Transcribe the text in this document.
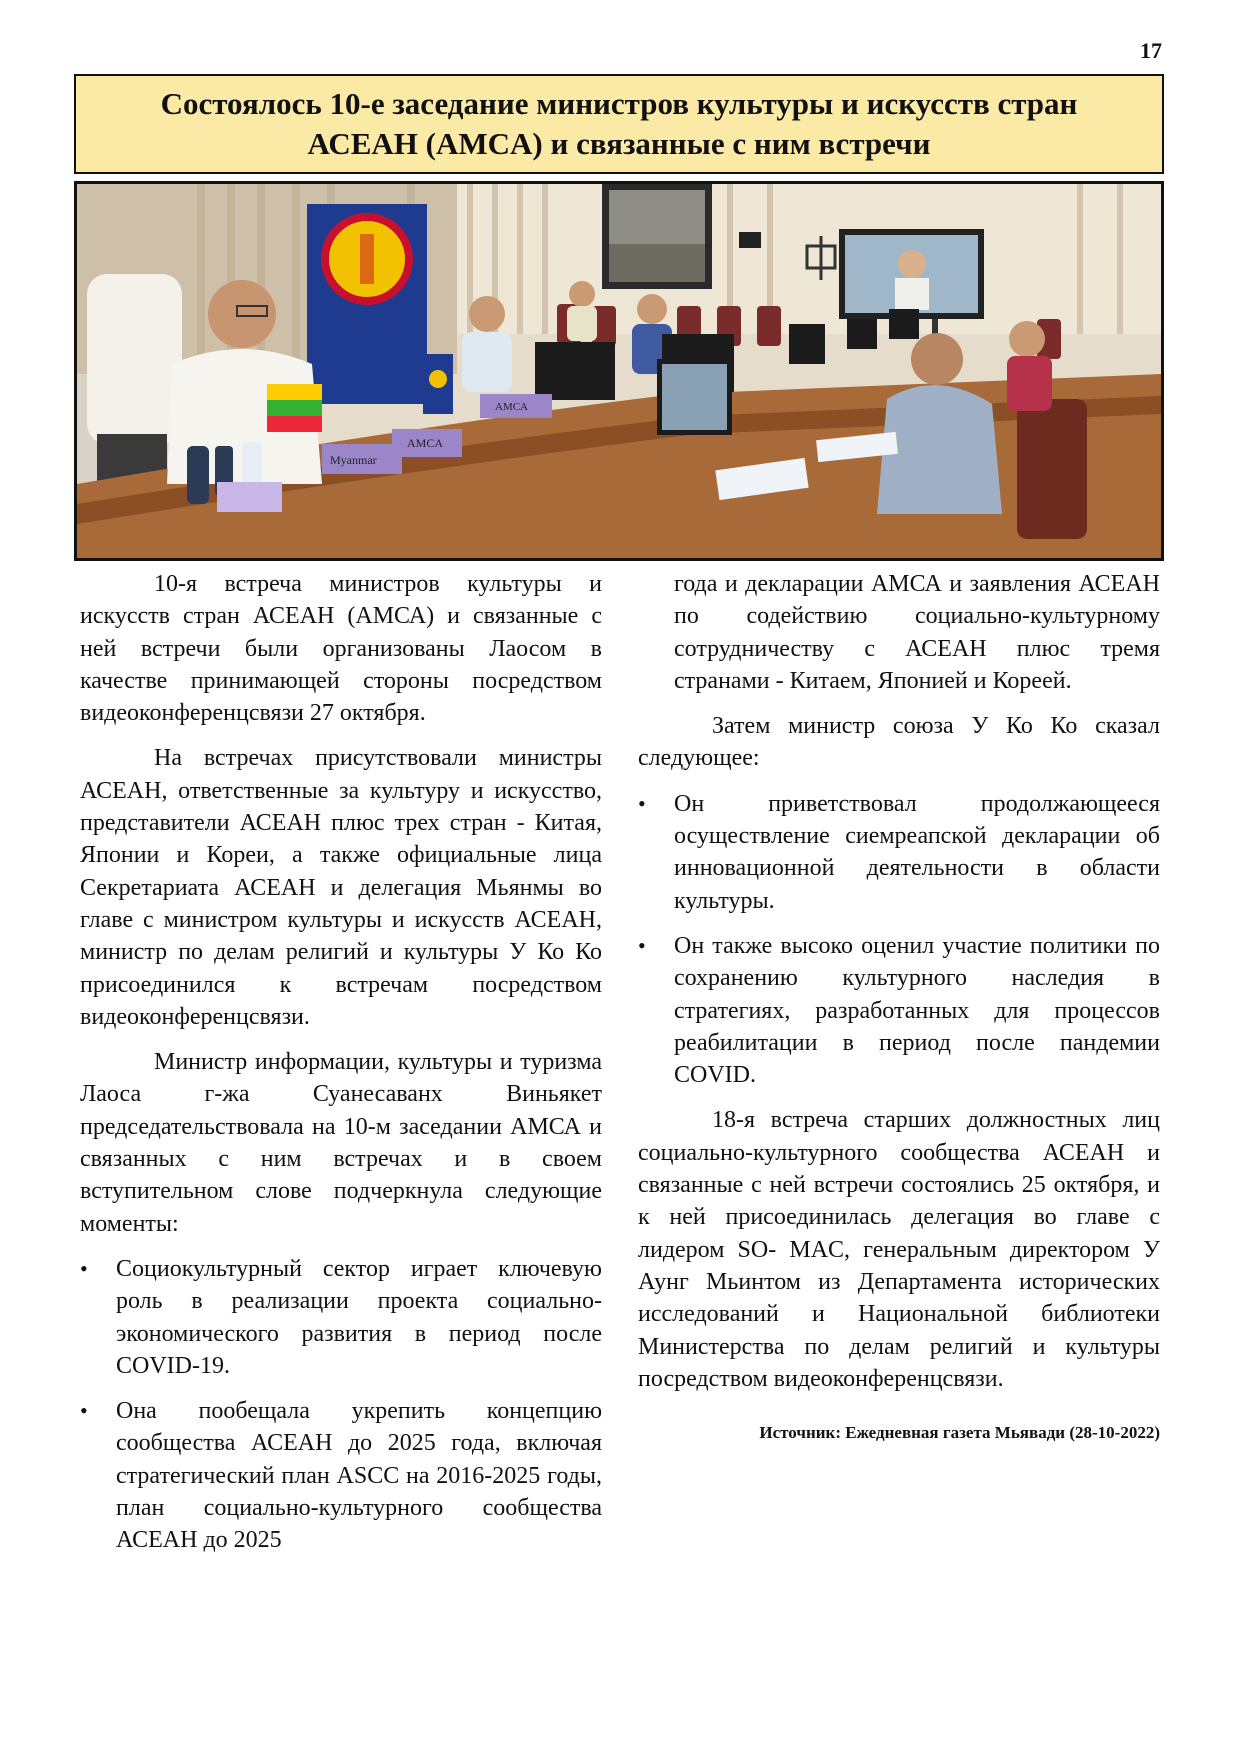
17
Состоялось 10-е заседание министров культуры и искусств стран АСЕАН (AMCA) и связанные с ним встречи
Myanmar
AMCA
AMCA

10-я встреча министров культуры и искусств стран АСЕАН (АМСА) и связанные с ней встречи были организованы Лаосом в качестве принимающей стороны посредством видеоконференцсвязи 27 октября.

На встречах присутствовали министры АСЕАН, ответственные за культуру и искусство, представители АСЕАН плюс трех стран - Китая, Японии и Кореи, а также официальные лица Секретариата АСЕАН и делегация Мьянмы во главе с министром культуры и искусств АСЕАН, министр по делам религий и культуры У Ко Ко присоединился к встречам посредством видеоконференцсвязи.

Министр информации, культуры и туризма Лаоса г-жа Суанесаванх Виньякет председательствовала на 10-м заседании АМСА и связанных с ним встречах и в своем вступительном слове подчеркнула следующие моменты:

• Социокультурный сектор играет ключевую роль в реализации проекта социально-экономического развития в период после COVID-19.
• Она пообещала укрепить концепцию сообщества АСЕАН до 2025 года, включая стратегический план ASCC на 2016-2025 годы, план социально-культурного сообщества АСЕАН до 2025

года и декларации АМСА и заявления АСЕАН по содействию социально-культурному сотрудничеству с АСЕАН плюс тремя странами - Китаем, Японией и Кореей.

Затем министр союза У Ко Ко сказал следующее:

• Он приветствовал продолжающееся осуществление сиемреапской декларации об инновационной деятельности в области культуры.
• Он также высоко оценил участие политики по сохранению культурного наследия в стратегиях, разработанных для процессов реабилитации в период после пандемии COVID.

18-я встреча старших должностных лиц социально-культурного сообщества АСЕАН и связанные с ней встречи состоялись 25 октября, и к ней присоединилась делегация во главе с лидером SO- MAC, генеральным директором У Аунг Мьинтом из Департамента исторических исследований и Национальной библиотеки Министерства по делам религий и культуры посредством видеоконференцсвязи.

Источник: Ежедневная газета Мьявади (28-10-2022)
